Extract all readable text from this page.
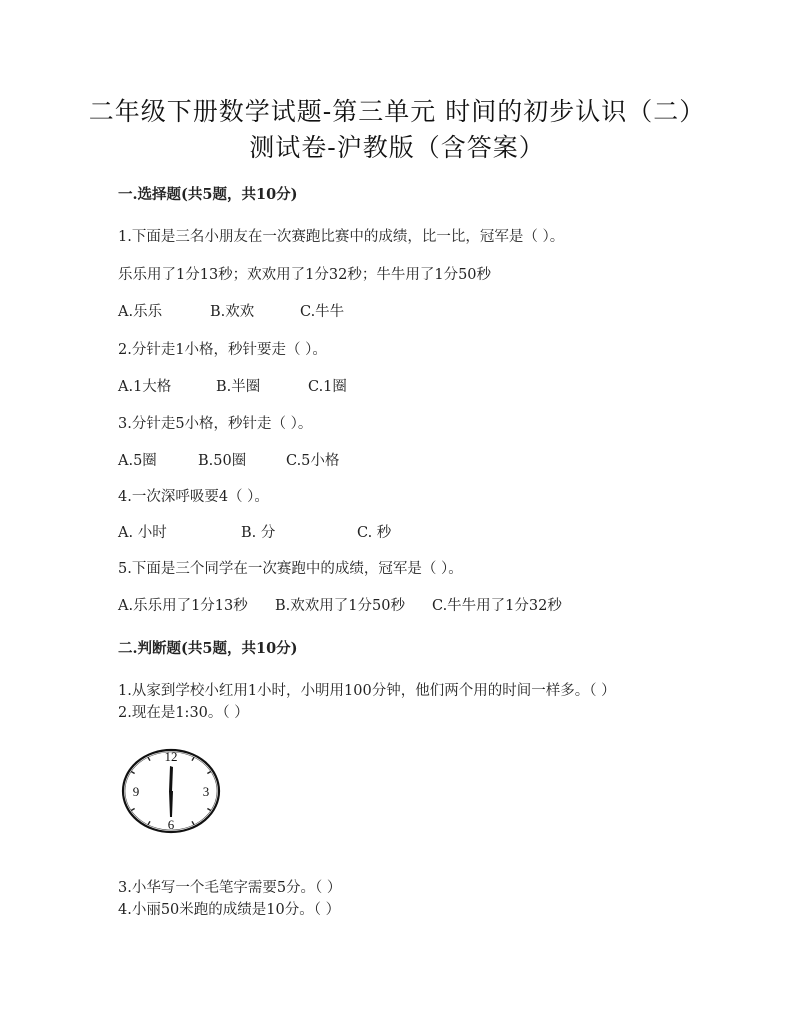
二年级下册数学试题-第三单元 时间的初步认识（二）
测试卷-沪教版（含答案）
一.选择题(共5题，共10分)
1.下面是三名小朋友在一次赛跑比赛中的成绩，比一比，冠军是（ ）。
乐乐用了1分13秒；欢欢用了1分32秒；牛牛用了1分50秒
A.乐乐	B.欢欢	C.牛牛
2.分针走1小格，秒针要走（ ）。
A.1大格	B.半圈	C.1圈
3.分针走5小格，秒针走（ ）。
A.5圈	B.50圈	C.5小格
4.一次深呼吸要4（ ）。
A. 小时	B. 分	C. 秒
5.下面是三个同学在一次赛跑中的成绩，冠军是（ ）。
A.乐乐用了1分13秒 B.欢欢用了1分50秒 C.牛牛用了1分32秒
二.判断题(共5题，共10分)
1.从家到学校小红用1小时，小明用100分钟，他们两个用的时间一样多。（ ）
2.现在是1:30。（ ）
12
3
6
9
3.小华写一个毛笔字需要5分。（ ）
4.小丽50米跑的成绩是10分。（ ）
